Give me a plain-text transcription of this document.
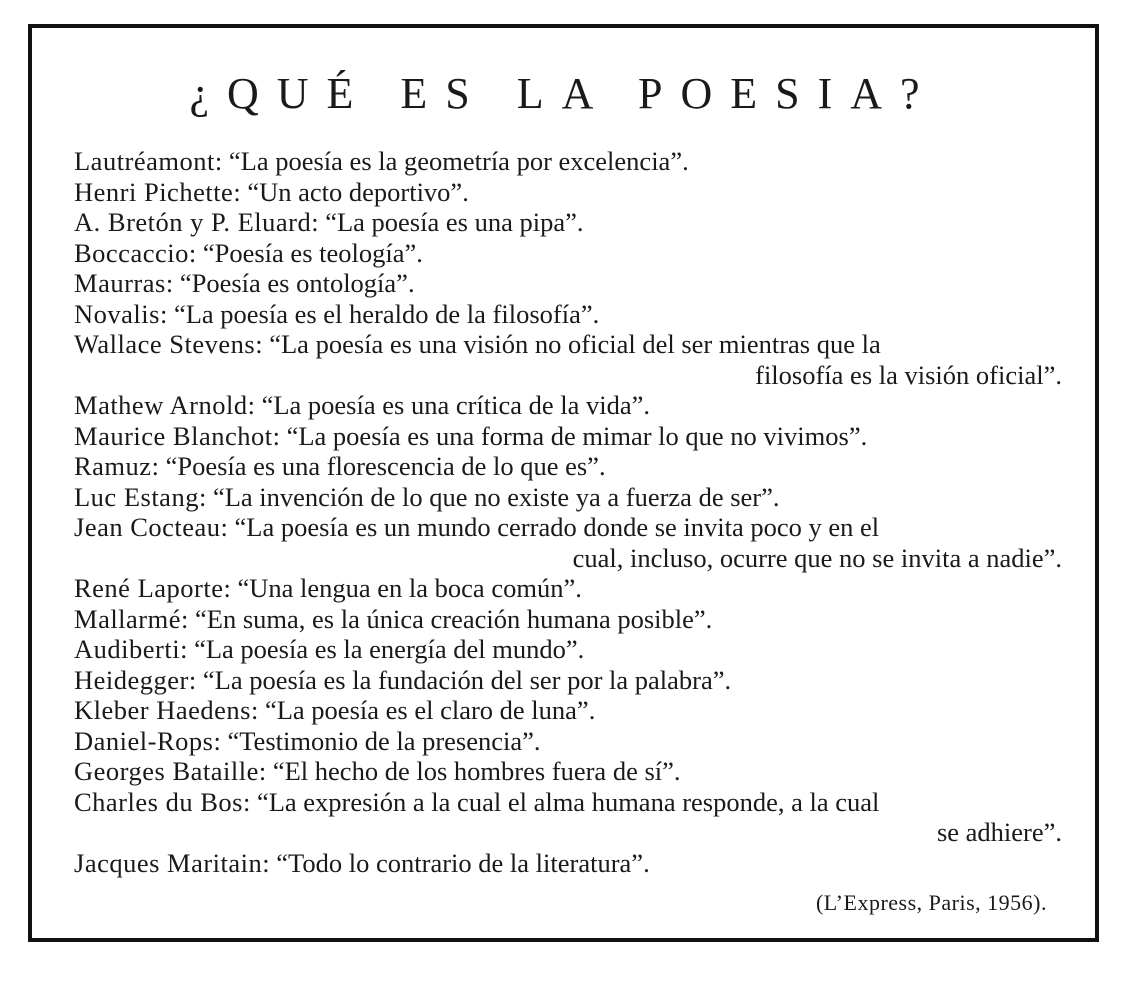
¿QUÉ ES LA POESIA?
Lautréamont: “La poesía es la geometría por excelencia”.
Henri Pichette: “Un acto deportivo”.
A. Bretón y P. Eluard: “La poesía es una pipa”.
Boccaccio: “Poesía es teología”.
Maurras: “Poesía es ontología”.
Novalis: “La poesía es el heraldo de la filosofía”.
Wallace Stevens: “La poesía es una visión no oficial del ser mientras que la
filosofía es la visión oficial”.
Mathew Arnold: “La poesía es una crítica de la vida”.
Maurice Blanchot: “La poesía es una forma de mimar lo que no vivimos”.
Ramuz: “Poesía es una florescencia de lo que es”.
Luc Estang: “La invención de lo que no existe ya a fuerza de ser”.
Jean Cocteau: “La poesía es un mundo cerrado donde se invita poco y en el
cual, incluso, ocurre que no se invita a nadie”.
René Laporte: “Una lengua en la boca común”.
Mallarmé: “En suma, es la única creación humana posible”.
Audiberti: “La poesía es la energía del mundo”.
Heidegger: “La poesía es la fundación del ser por la palabra”.
Kleber Haedens: “La poesía es el claro de luna”.
Daniel-Rops: “Testimonio de la presencia”.
Georges Bataille: “El hecho de los hombres fuera de sí”.
Charles du Bos: “La expresión a la cual el alma humana responde, a la cual
se adhiere”.
Jacques Maritain: “Todo lo contrario de la literatura”.
(L’Express, Paris, 1956).
